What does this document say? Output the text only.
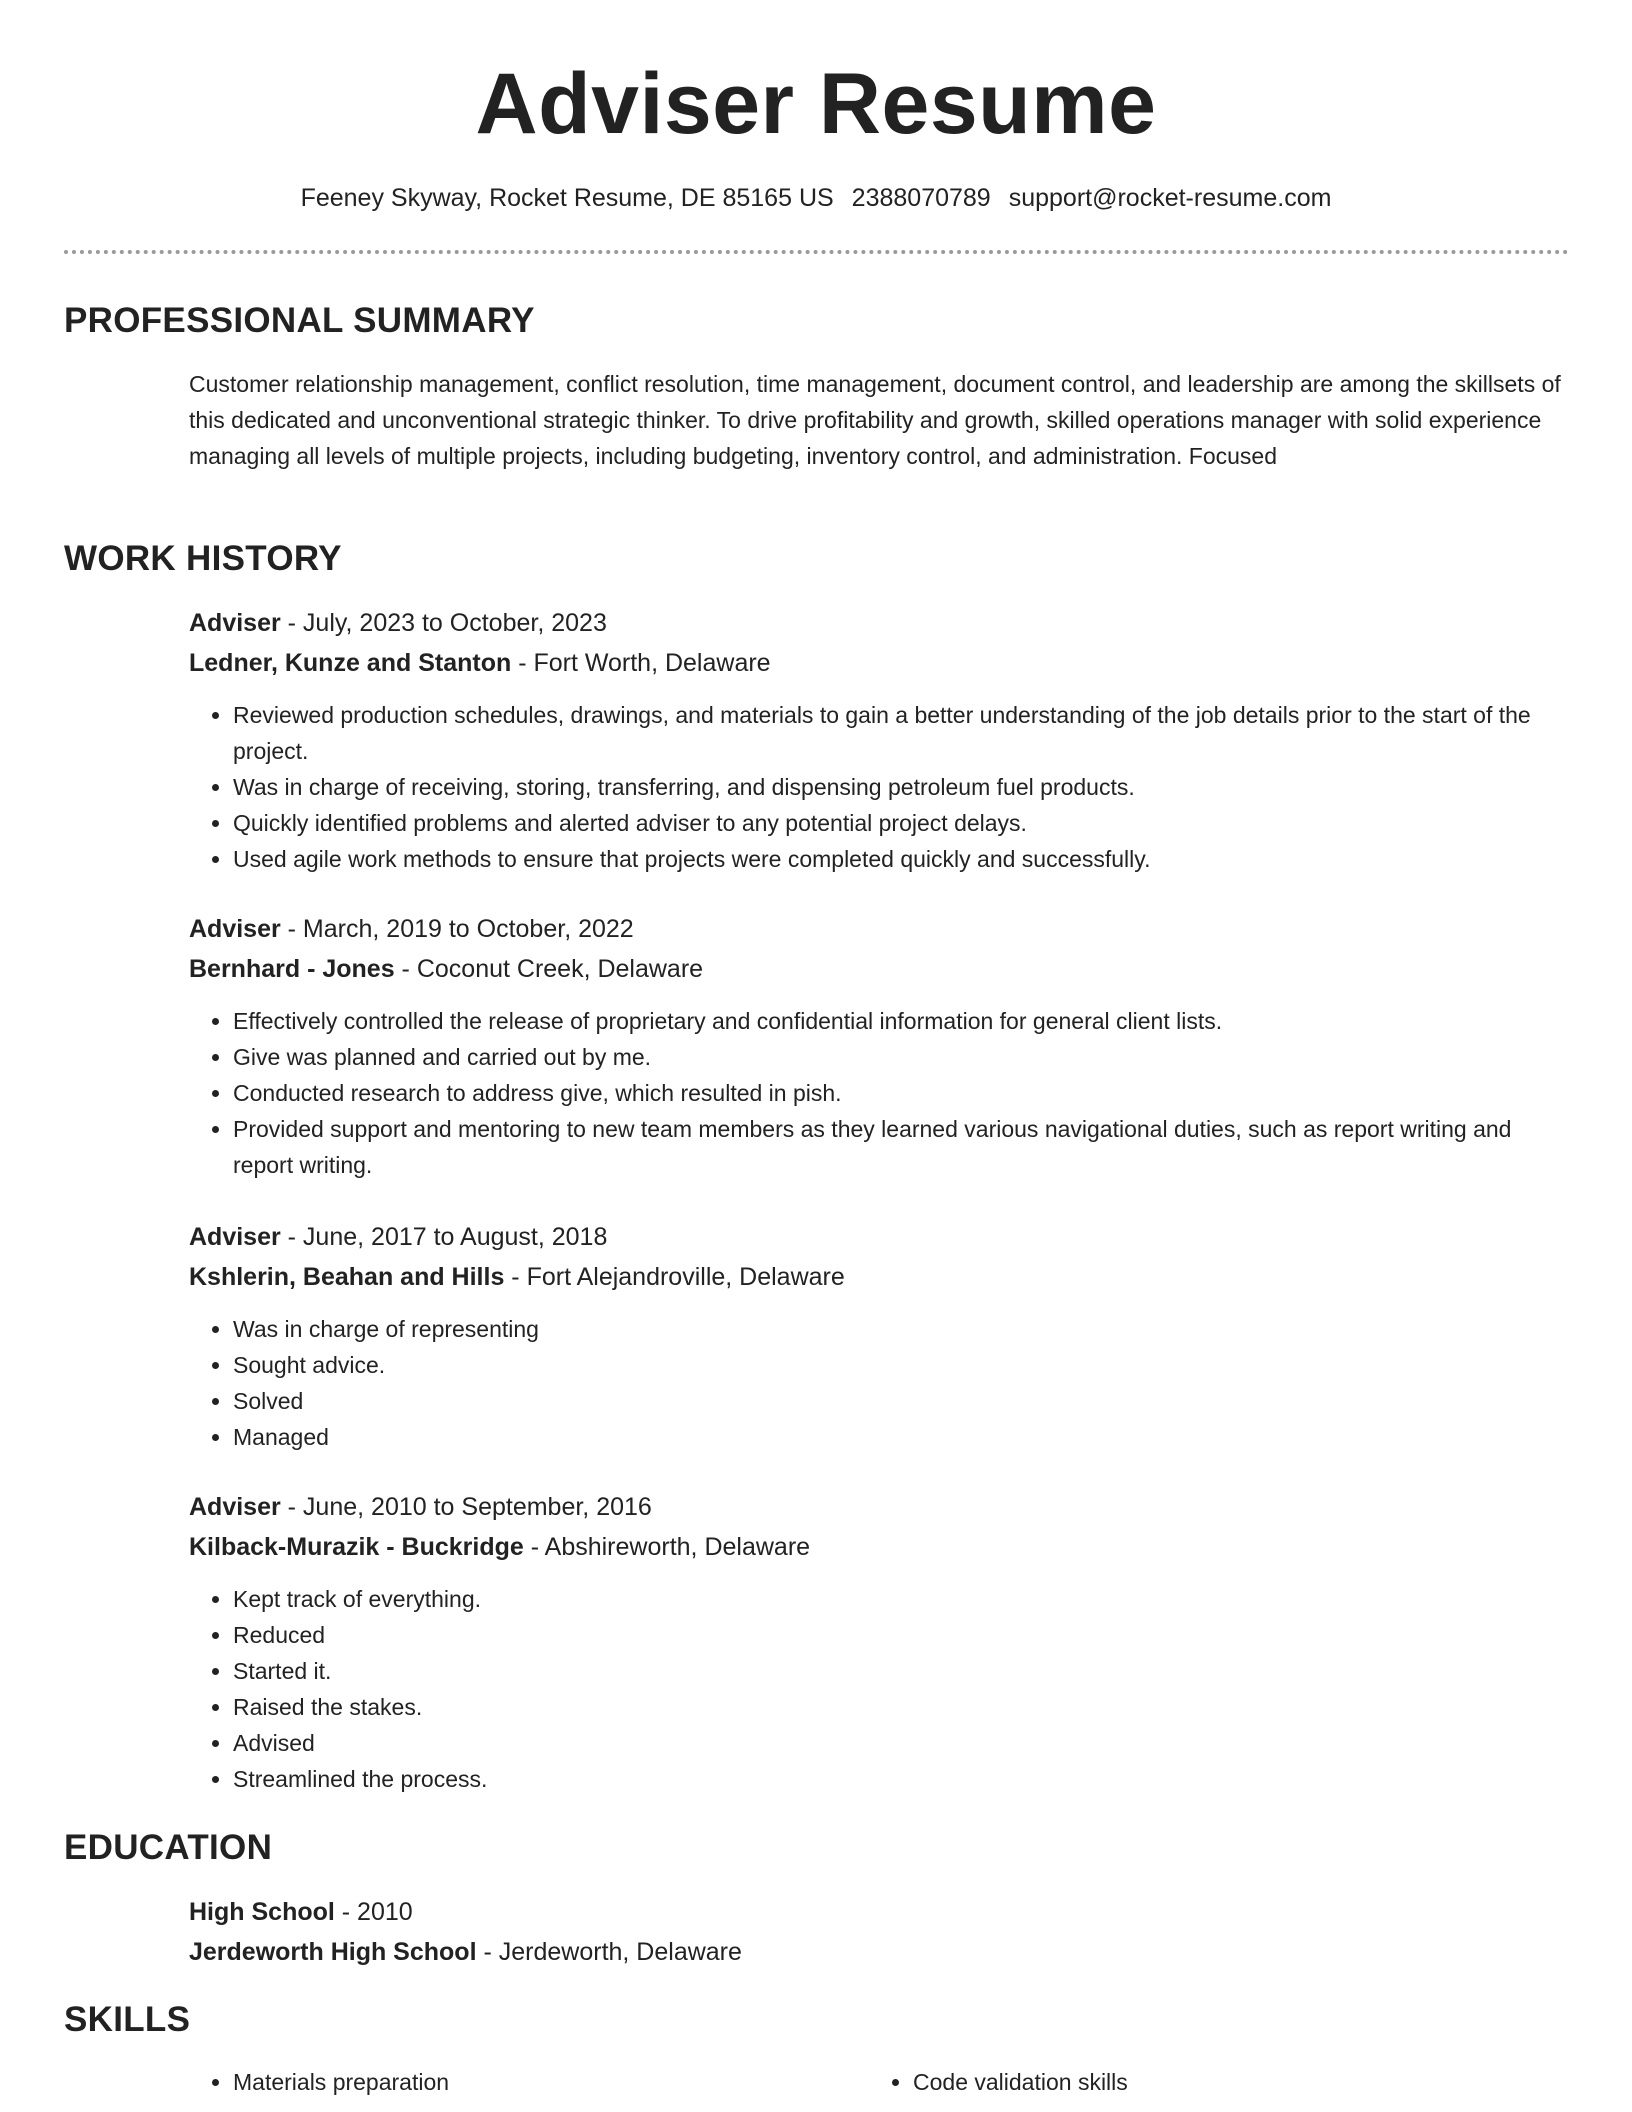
Adviser Resume
Feeney Skyway, Rocket Resume, DE 85165 US 2388070789 support@rocket-resume.com
PROFESSIONAL SUMMARY

Customer relationship management, conflict resolution, time management, document control, and leadership are among the skillsets of this dedicated and unconventional strategic thinker. To drive profitability and growth, skilled operations manager with solid experience managing all levels of multiple projects, including budgeting, inventory control, and administration. Focused

WORK HISTORY
Adviser - July, 2023 to October, 2023
Ledner, Kunze and Stanton - Fort Worth, Delaware
• Reviewed production schedules, drawings, and materials to gain a better understanding of the job details prior to the start of the project.
• Was in charge of receiving, storing, transferring, and dispensing petroleum fuel products.
• Quickly identified problems and alerted adviser to any potential project delays.
• Used agile work methods to ensure that projects were completed quickly and successfully.
Adviser - March, 2019 to October, 2022
Bernhard - Jones - Coconut Creek, Delaware
• Effectively controlled the release of proprietary and confidential information for general client lists.
• Give was planned and carried out by me.
• Conducted research to address give, which resulted in pish.
• Provided support and mentoring to new team members as they learned various navigational duties, such as report writing and report writing.
Adviser - June, 2017 to August, 2018
Kshlerin, Beahan and Hills - Fort Alejandroville, Delaware
• Was in charge of representing
• Sought advice.
• Solved
• Managed
Adviser - June, 2010 to September, 2016
Kilback-Murazik - Buckridge - Abshireworth, Delaware
• Kept track of everything.
• Reduced
• Started it.
• Raised the stakes.
• Advised
• Streamlined the process.
EDUCATION
High School - 2010
Jerdeworth High School - Jerdeworth, Delaware
SKILLS
• Materials preparation
•	Code validation skills
